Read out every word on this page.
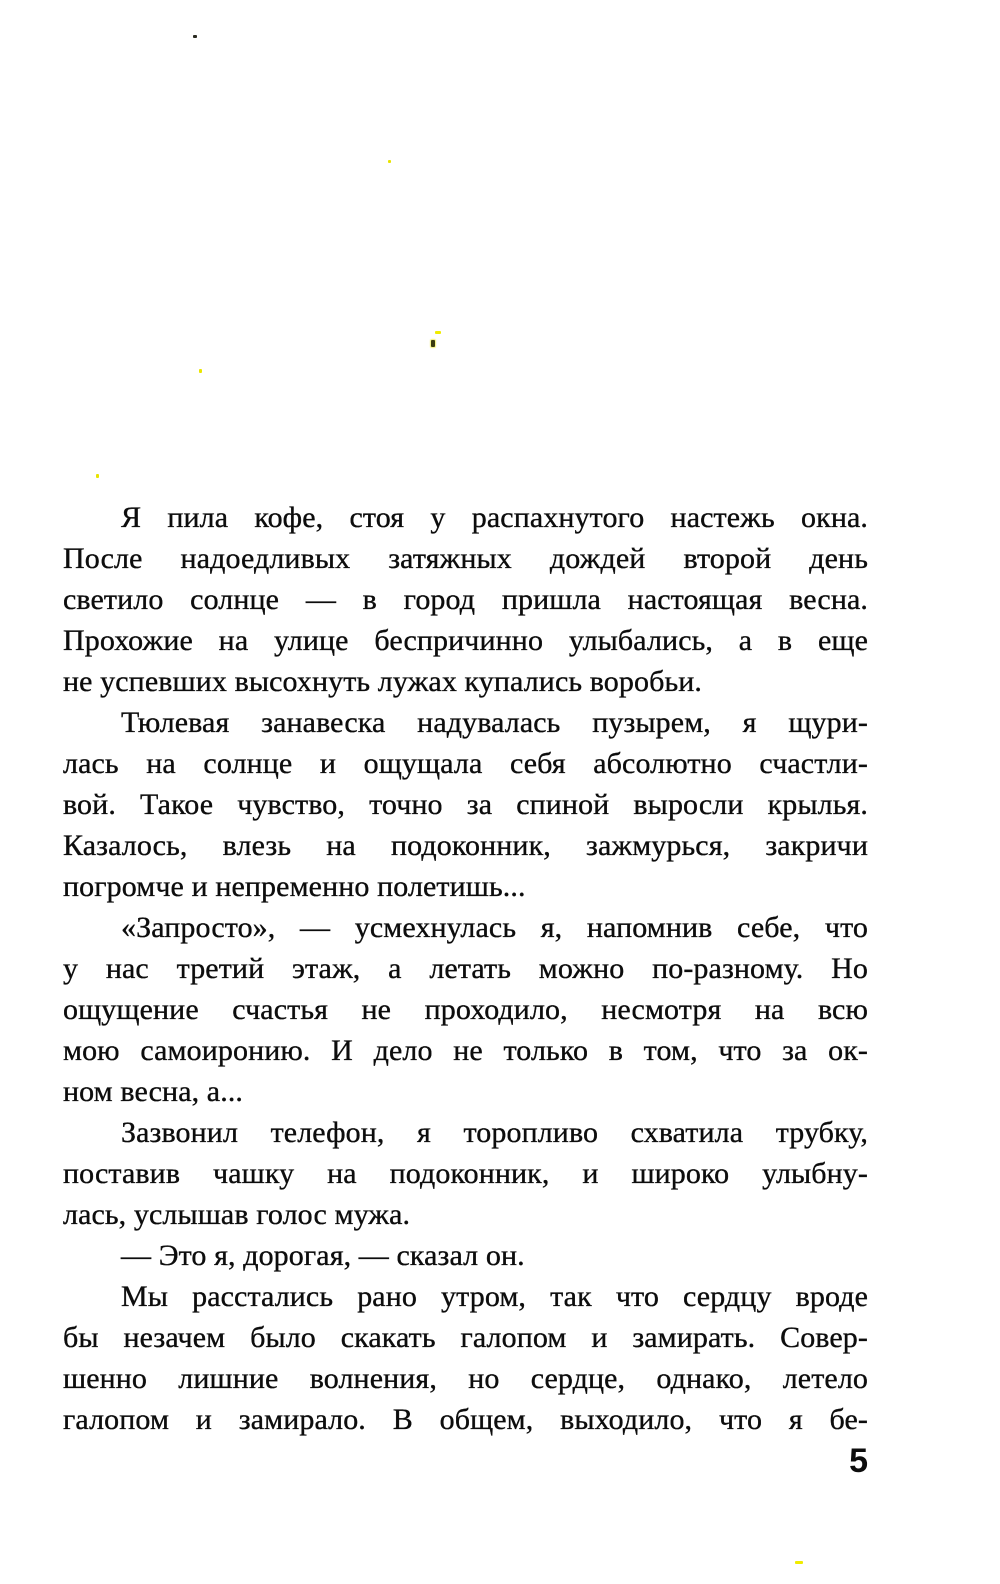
Я пила кофе, стоя у распахнутого настежь окна.
После надоедливых затяжных дождей второй день
светило солнце — в город пришла настоящая весна.
Прохожие на улице беспричинно улыбались, а в еще
не успевших высохнуть лужах купались воробьи.
Тюлевая занавеска надувалась пузырем, я щури-
лась на солнце и ощущала себя абсолютно счастли-
вой. Такое чувство, точно за спиной выросли крылья.
Казалось, влезь на подоконник, зажмурься, закричи
погромче и непременно полетишь...
«Запросто», — усмехнулась я, напомнив себе, что
у нас третий этаж, а летать можно по-разному. Но
ощущение счастья не проходило, несмотря на всю
мою самоиронию. И дело не только в том, что за ок-
ном весна, а...
Зазвонил телефон, я торопливо схватила трубку,
поставив чашку на подоконник, и широко улыбну-
лась, услышав голос мужа.
— Это я, дорогая, — сказал он.
Мы расстались рано утром, так что сердцу вроде
бы незачем было скакать галопом и замирать. Совер-
шенно лишние волнения, но сердце, однако, летело
галопом и замирало. В общем, выходило, что я бе-
5
